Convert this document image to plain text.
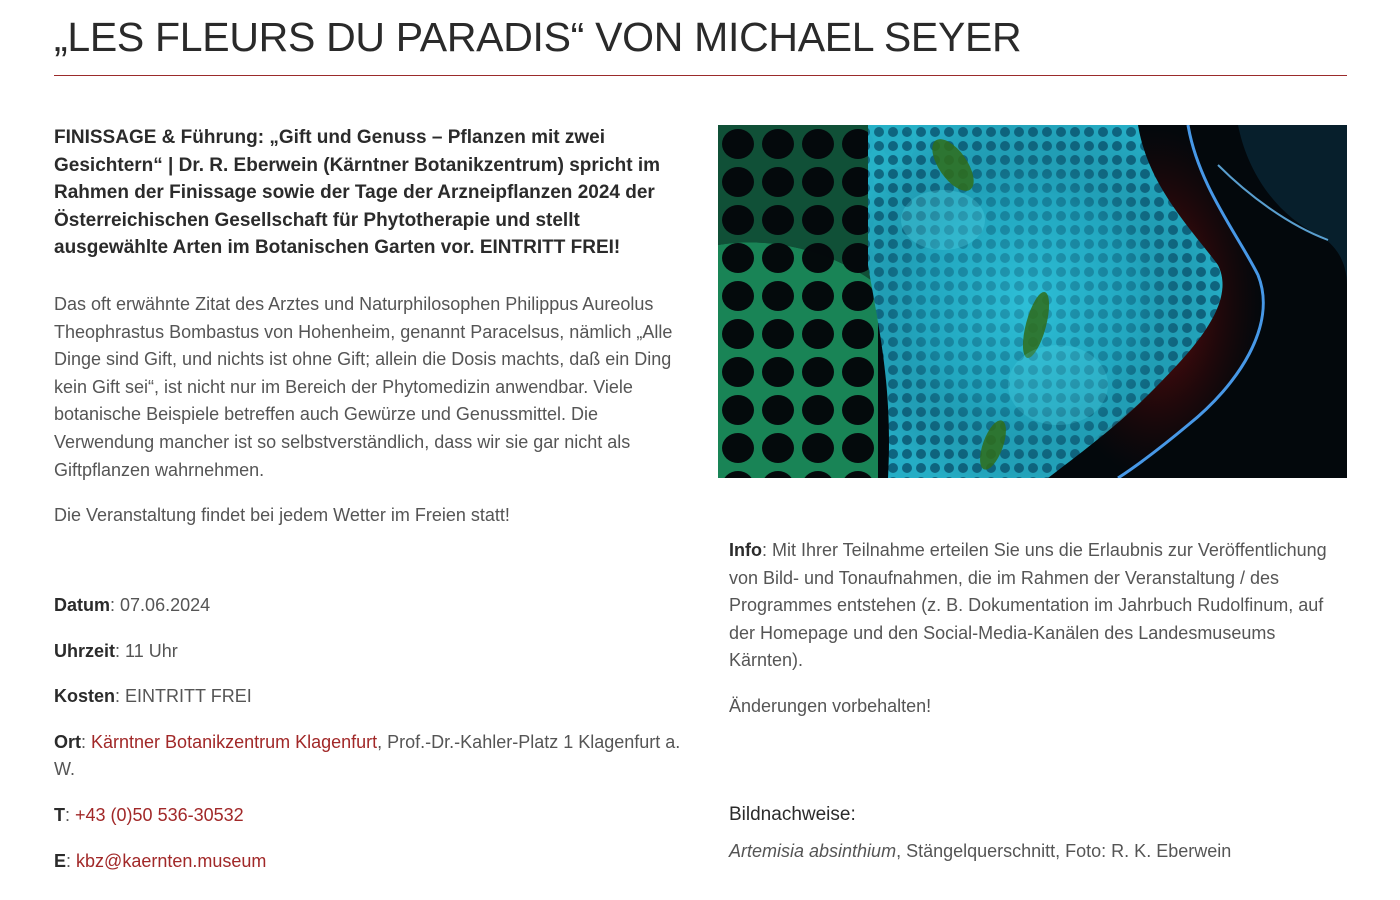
„LES FLEURS DU PARADIS“ VON MICHAEL SEYER

FINISSAGE & Führung: „Gift und Genuss – Pflanzen mit zwei Gesichtern“ | Dr. R. Eberwein (Kärntner Botanikzentrum) spricht im Rahmen der Finissage sowie der Tage der Arzneipflanzen 2024 der Österreichischen Gesellschaft für Phytotherapie und stellt ausgewählte Arten im Botanischen Garten vor. EINTRITT FREI!

Das oft erwähnte Zitat des Arztes und Naturphilosophen Philippus Aureolus Theophrastus Bombastus von Hohenheim, genannt Paracelsus, nämlich „Alle Dinge sind Gift, und nichts ist ohne Gift; allein die Dosis machts, daß ein Ding kein Gift sei“, ist nicht nur im Bereich der Phytomedizin anwendbar. Viele botanische Beispiele betreffen auch Gewürze und Genussmittel. Die Verwendung mancher ist so selbstverständlich, dass wir sie gar nicht als Giftpflanzen wahrnehmen.

Die Veranstaltung findet bei jedem Wetter im Freien statt!

Datum: 07.06.2024

Uhrzeit: 11 Uhr

Kosten: EINTRITT FREI

Ort: Kärntner Botanikzentrum Klagenfurt, Prof.-Dr.-Kahler-Platz 1 Klagenfurt a. W.

T: +43 (0)50 536-30532

E: kbz@kaernten.museum

Info: Mit Ihrer Teilnahme erteilen Sie uns die Erlaubnis zur Veröffentlichung von Bild- und Tonaufnahmen, die im Rahmen der Veranstaltung / des Programmes entstehen (z. B. Dokumentation im Jahrbuch Rudolfinum, auf der Homepage und den Social-Media-Kanälen des Landesmuseums Kärnten).

Änderungen vorbehalten!

Bildnachweise:

Artemisia absinthium, Stängelquerschnitt, Foto: R. K. Eberwein
